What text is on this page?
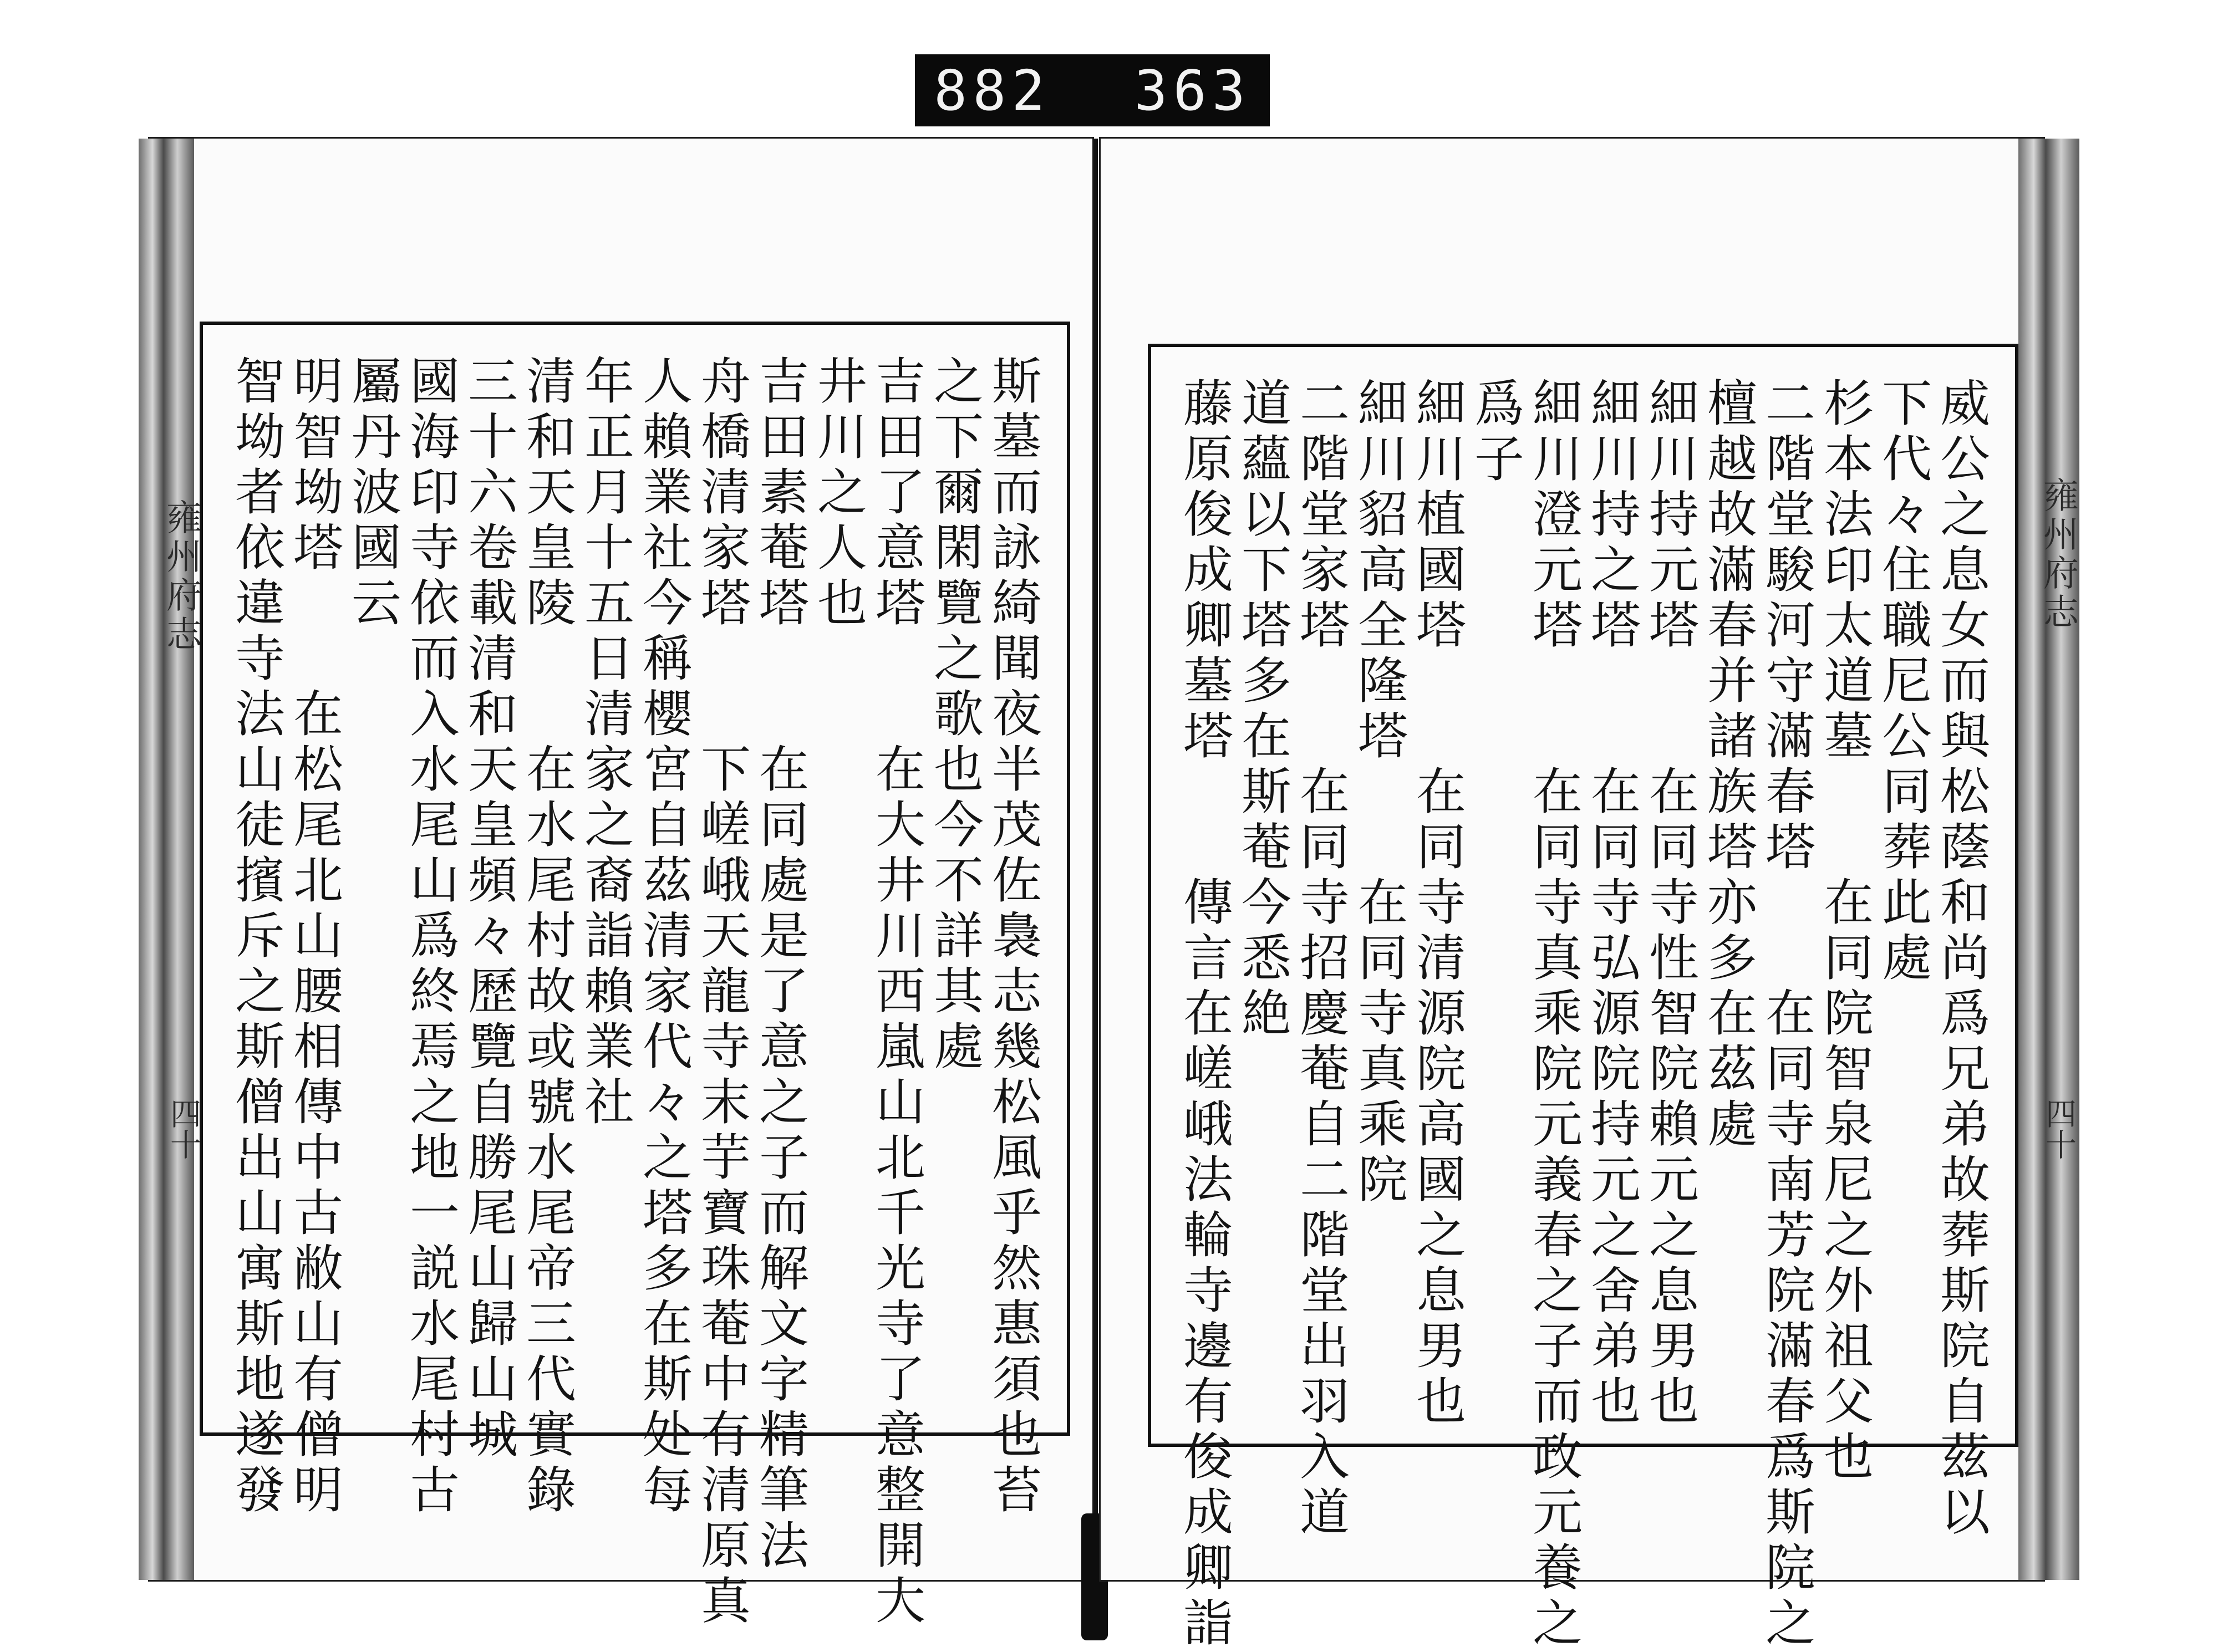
882 363
雍州府志
四十	斯墓而詠綺聞夜半茂佐裊志幾松風乎然惠須也苔
之下爾閑覽之歌也今不詳其處
吉田了意塔　　在大井川西嵐山北千光寺了意整開大
井川之人也
吉田素菴塔　　在同處是了意之子而解文字精筆法
舟橋清家塔　　下嵯峨天龍寺末芋寶珠菴中有清原真
人賴業社今稱櫻宮自茲清家代々之塔多在斯处每
年正月十五日清家之裔詣賴業社
清和天皇陵　　在水尾村故或號水尾帝三代實錄
三十六卷載清和天皇頻々歷覽自勝尾山歸山城
國海印寺依而入水尾山爲終焉之地一説水尾村古
屬丹波國云
明智坳塔　　在松尾北山腰相傳中古敝山有僧明
智坳者依違寺法山徒擯斥之斯僧出山寓斯地遂發	雍州府志
四十
威公之息女而與松蔭和尚爲兄弟故葬斯院自茲以
下代々住職尼公同葬此處
杉本法印太道墓　　在同院智泉尼之外祖父也
二階堂駿河守滿春塔　　在同寺南芳院滿春爲斯院之
檀越故滿春并諸族塔亦多在茲處
細川持元塔　　在同寺性智院賴元之息男也
細川持之塔　　在同寺弘源院持元之舍弟也
細川澄元塔　　在同寺真乘院元義春之子而政元養之
爲子
細川植國塔　　在同寺清源院高國之息男也
細川貂高全隆塔　　在同寺真乘院
二階堂家塔　　在同寺招慶菴自二階堂出羽入道
道蘊以下塔多在斯菴今悉絶
藤原俊成卿墓塔　　傳言在嵯峨法輪寺邊有俊成卿詣
